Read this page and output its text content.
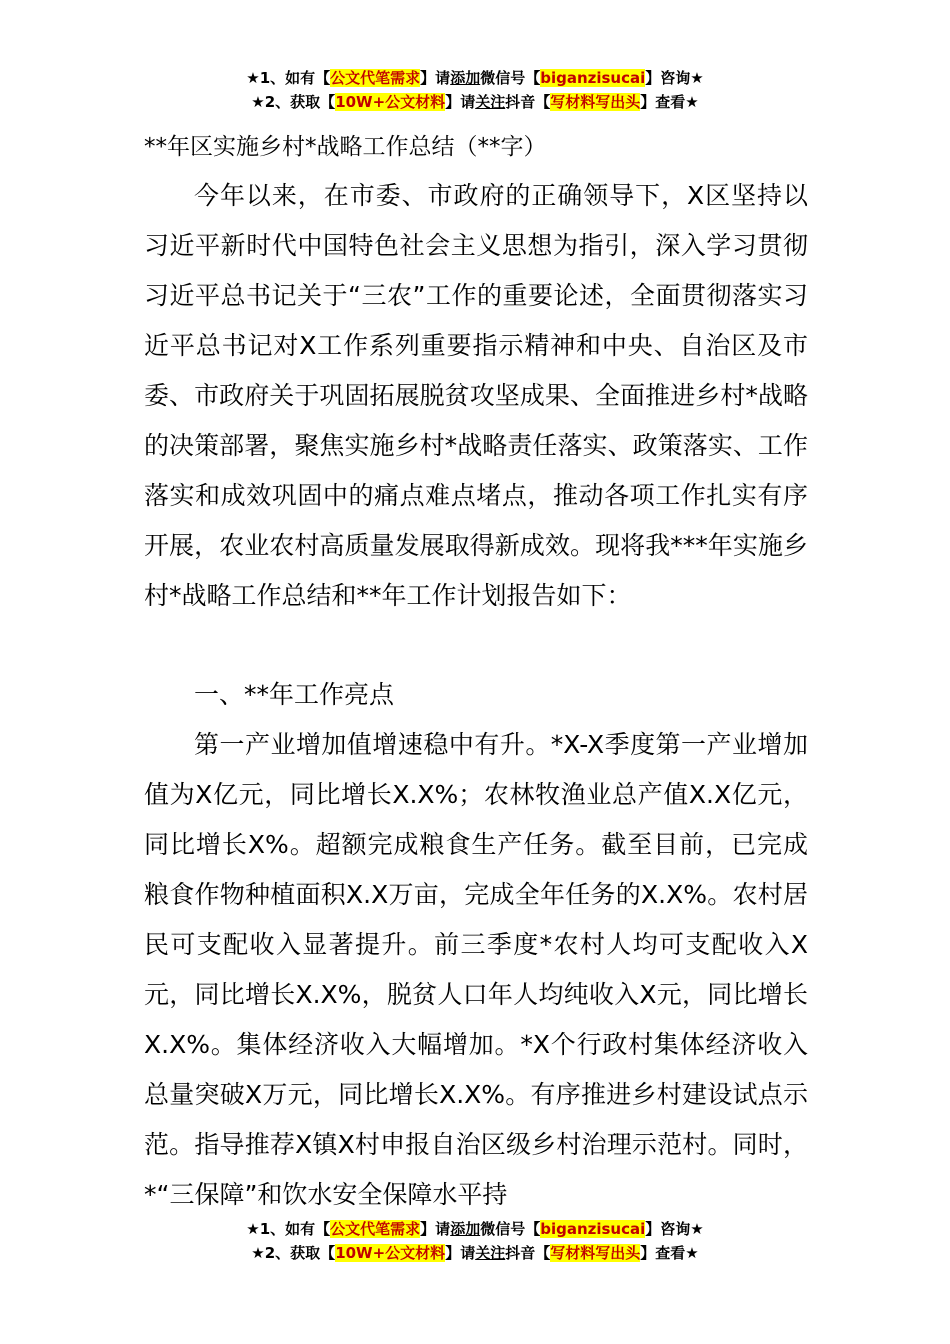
★1、如有【公文代笔需求】请添加微信号【biganzisucai】咨询★
★2、获取【10W+公文材料】请关注抖音【写材料写出头】查看★
**年区实施乡村*战略工作总结（**字）

今年以来，在市委、市政府的正确领导下，X区坚持以习近平新时代中国特色社会主义思想为指引，深入学习贯彻习近平总书记关于“三农”工作的重要论述，全面贯彻落实习近平总书记对X工作系列重要指示精神和中央、自治区及市委、市政府关于巩固拓展脱贫攻坚成果、全面推进乡村*战略的决策部署，聚焦实施乡村*战略责任落实、政策落实、工作落实和成效巩固中的痛点难点堵点，推动各项工作扎实有序开展，农业农村高质量发展取得新成效。现将我***年实施乡村*战略工作总结和**年工作计划报告如下：

一、**年工作亮点

第一产业增加值增速稳中有升。*X-X季度第一产业增加值为X亿元，同比增长X.X%；农林牧渔业总产值X.X亿元，同比增长X%。超额完成粮食生产任务。截至目前，已完成粮食作物种植面积X.X万亩，完成全年任务的X.X%。农村居民可支配收入显著提升。前三季度*农村人均可支配收入X元，同比增长X.X%，脱贫人口年人均纯收入X元，同比增长X.X%。集体经济收入大幅增加。*X个行政村集体经济收入总量突破X万元，同比增长X.X%。有序推进乡村建设试点示范。指导推荐X镇X村申报自治区级乡村治理示范村。同时，*“三保障”和饮水安全保障水平持

★1、如有【公文代笔需求】请添加微信号【biganzisucai】咨询★
★2、获取【10W+公文材料】请关注抖音【写材料写出头】查看★
